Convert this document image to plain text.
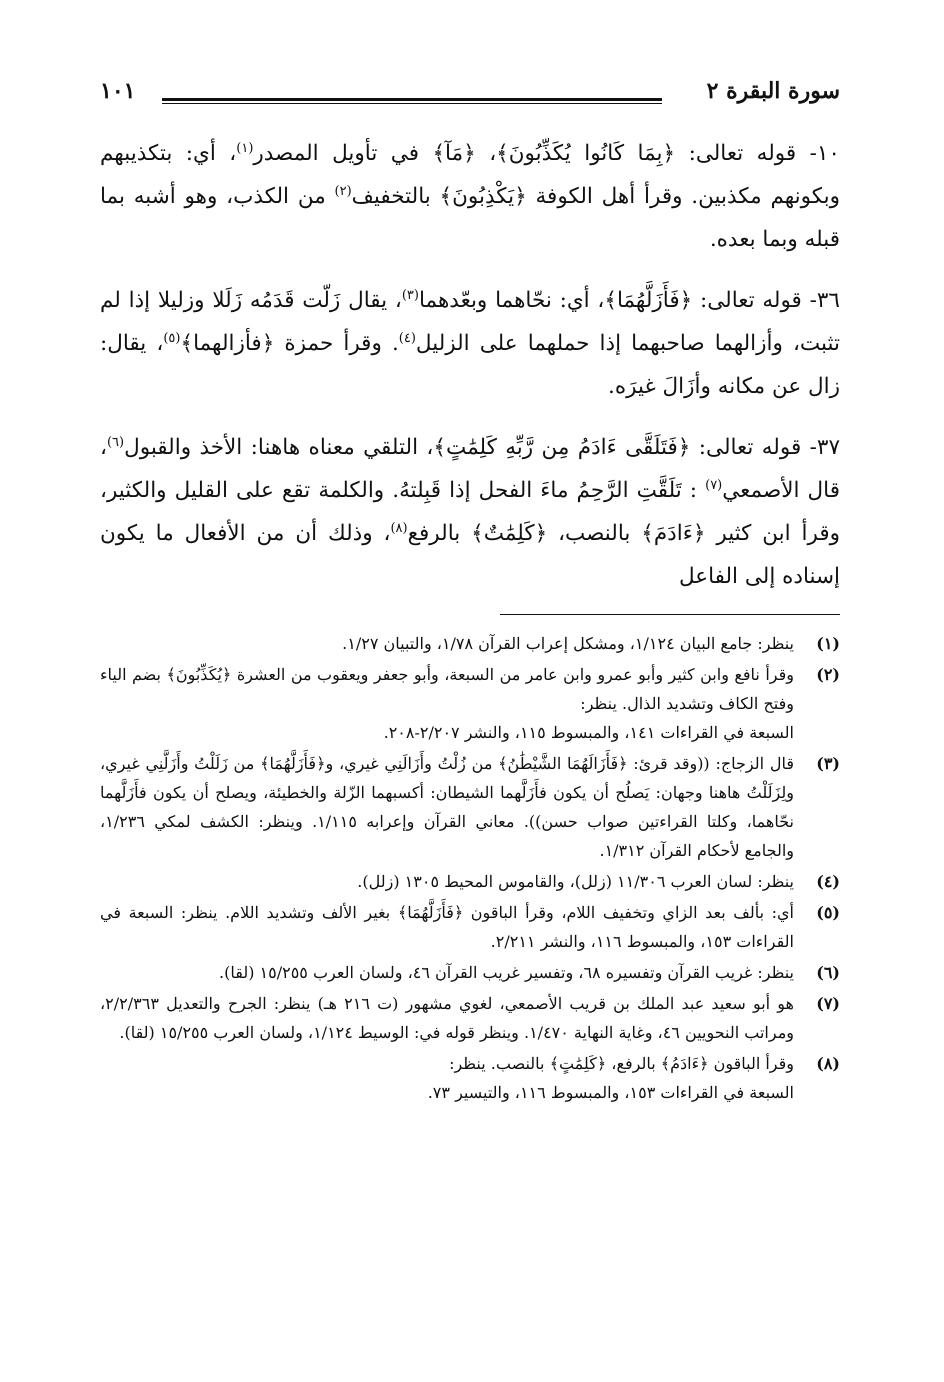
سورة البقرة ٢
١٠١

١٠- قوله تعالى: ﴿بِمَا كَانُوا يُكَذِّبُونَ﴾، ﴿مَآ﴾ في تأويل المصدر$^{(١)}$، أي: بتكذيبهم وبكونهم مكذبين. وقرأ أهل الكوفة ﴿يَكْذِبُونَ﴾ بالتخفيف$^{(٢)}$ من الكذب، وهو أشبه بما قبله وبما بعده.

٣٦- قوله تعالى: ﴿فَأَزَلَّهُمَا﴾، أي: نحّاهما وبعّدهما$^{(٣)}$، يقال زَلّت قَدَمُه زَلَلا وزليلا إذا لم تثبت، وأزالهما صاحبهما إذا حملهما على الزليل$^{(٤)}$. وقرأ حمزة ﴿فأزالهما﴾$^{(٥)}$، يقال: زال عن مكانه وأزَالَ غيرَه.

٣٧- قوله تعالى: ﴿فَتَلَقَّى ءَادَمُ مِن رَّبِّهِ كَلِمَٰتٍ﴾، التلقي معناه هاهنا: الأخذ والقبول$^{(٦)}$، قال الأصمعي$^{(٧)}$ : تَلَقَّتِ الرَّحِمُ ماءَ الفحل إذا قَبِلتهُ. والكلمة تقع على القليل والكثير، وقرأ ابن كثير ﴿ءَادَمَ﴾ بالنصب، ﴿كَلِمَٰتٌ﴾ بالرفع$^{(٨)}$، وذلك أن من الأفعال ما يكون إسناده إلى الفاعل

(١)
ينظر: جامع البيان ١/١٢٤، ومشكل إعراب القرآن ١/٧٨، والتبيان ١/٢٧.
(٢)
وقرأ نافع وابن كثير وأبو عمرو وابن عامر من السبعة، وأبو جعفر ويعقوب من العشرة ﴿يُكَذِّبُونَ﴾ بضم الياء وفتح الكاف وتشديد الذال. ينظر:
السبعة في القراءات ١٤١، والمبسوط ١١٥، والنشر ٢/٢٠٧-٢٠٨.
(٣)
قال الزجاج: ((وقد قرئ: ﴿فَأَزَالَهُمَا الشَّيْطَٰنُ﴾ من زُلْتُ وأَزَالَنِي غيري، و﴿فَأَزَلَّهُمَا﴾ من زَلَلْتُ وأَزَلَّنِي غيري، ولِزَلَلْتُ هاهنا وجهان: يَصلُح أن يكون فأَزَلَّهما الشيطان: أكسبهما الزّلة والخطيئة، ويصلح أن يكون فأَزَلَّهما نحّاهما، وكلتا القراءتين صواب حسن)). معاني القرآن وإعرابه ١/١١٥. وينظر: الكشف لمكي ١/٢٣٦، والجامع لأحكام القرآن ١/٣١٢.
(٤)
ينظر: لسان العرب ١١/٣٠٦ (زلل)، والقاموس المحيط ١٣٠٥ (زلل).
(٥)
أي: بألف بعد الزاي وتخفيف اللام، وقرأ الباقون ﴿فَأَزَلَّهُمَا﴾ بغير الألف وتشديد اللام. ينظر: السبعة في القراءات ١٥٣، والمبسوط ١١٦، والنشر ٢/٢١١.
(٦)
ينظر: غريب القرآن وتفسيره ٦٨، وتفسير غريب القرآن ٤٦، ولسان العرب ١٥/٢٥٥ (لقا).
(٧)
هو أبو سعيد عبد الملك بن قريب الأصمعي، لغوي مشهور (ت ٢١٦ هـ) ينظر: الجرح والتعديل ٢/٢/٣٦٣، ومراتب النحويين ٤٦، وغاية النهاية ١/٤٧٠. وينظر قوله في: الوسيط ١/١٢٤، ولسان العرب ١٥/٢٥٥ (لقا).
(٨)
وقرأ الباقون ﴿ءَادَمُ﴾ بالرفع، ﴿كَلِمَٰتٍ﴾ بالنصب. ينظر:
السبعة في القراءات ١٥٣، والمبسوط ١١٦، والتيسير ٧٣.
